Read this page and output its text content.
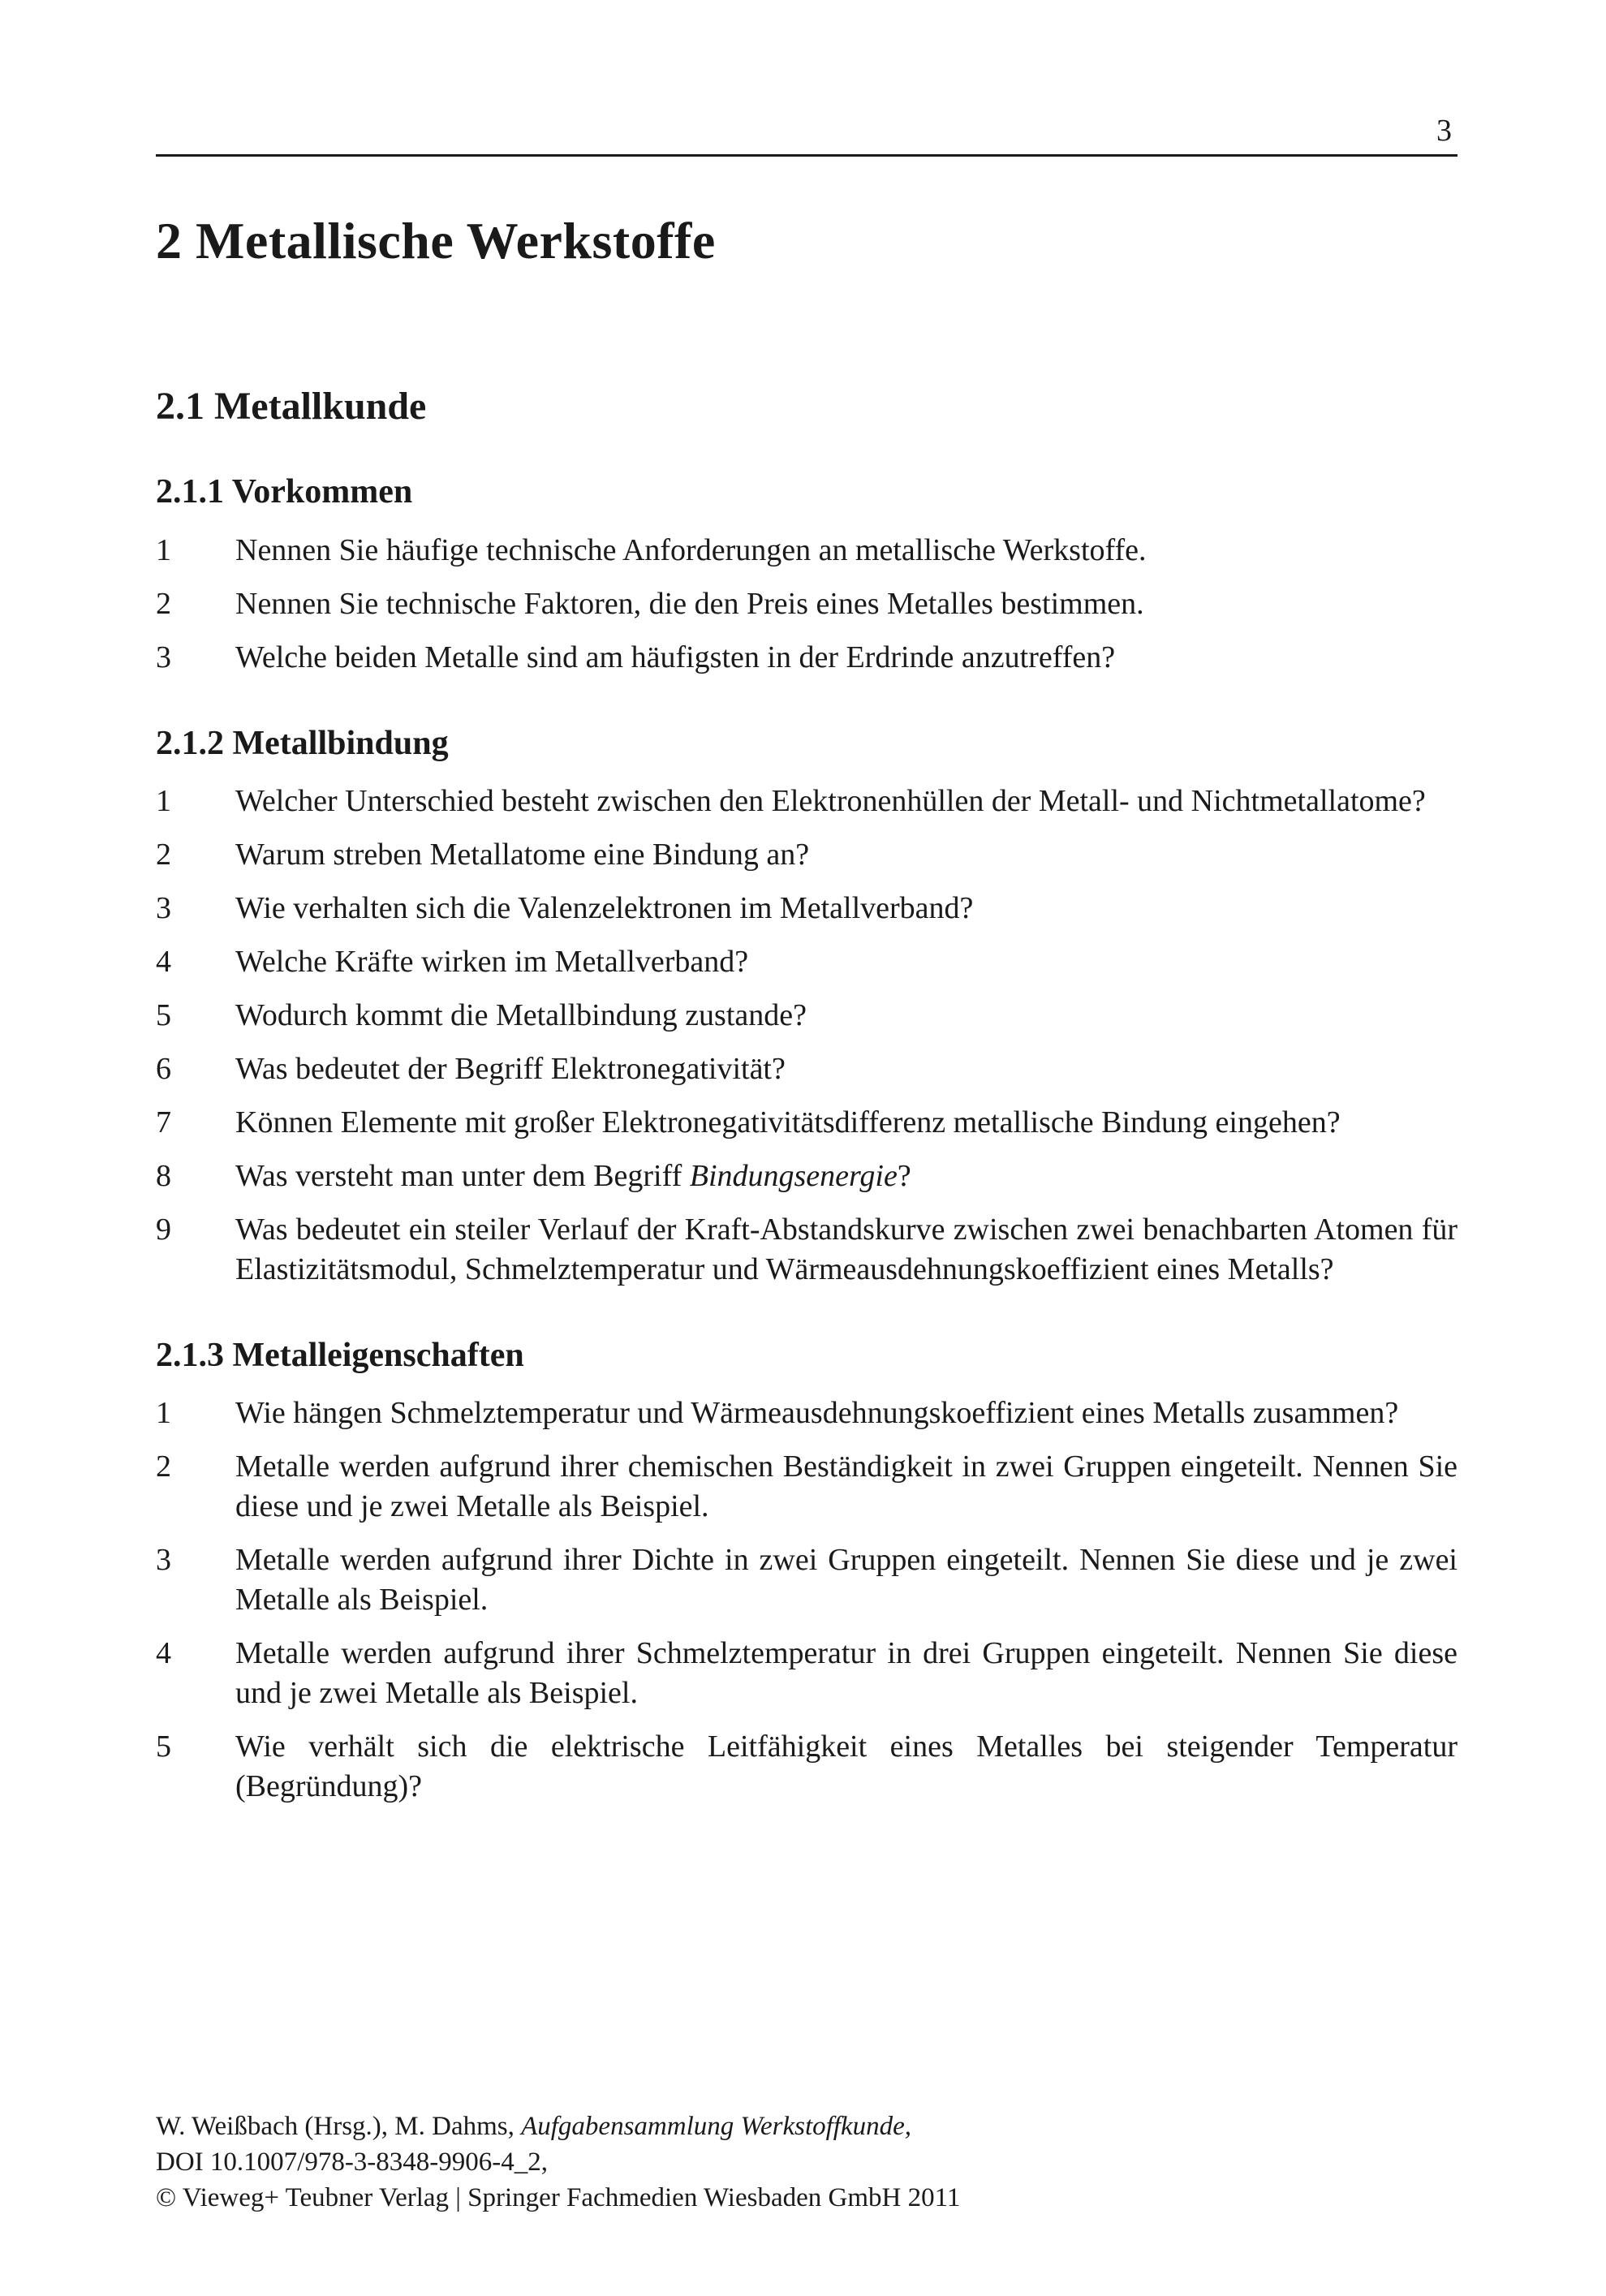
3
2 Metallische Werkstoffe
2.1 Metallkunde
2.1.1 Vorkommen
1	Nennen Sie häufige technische Anforderungen an metallische Werkstoffe.
2	Nennen Sie technische Faktoren, die den Preis eines Metalles bestimmen.
3	Welche beiden Metalle sind am häufigsten in der Erdrinde anzutreffen?
2.1.2 Metallbindung
1	Welcher Unterschied besteht zwischen den Elektronenhüllen der Metall- und Nichtmetallatome?
2	Warum streben Metallatome eine Bindung an?
3	Wie verhalten sich die Valenzelektronen im Metallverband?
4	Welche Kräfte wirken im Metallverband?
5	Wodurch kommt die Metallbindung zustande?
6	Was bedeutet der Begriff Elektronegativität?
7	Können Elemente mit großer Elektronegativitätsdifferenz metallische Bindung eingehen?
8	Was versteht man unter dem Begriff Bindungsenergie?
9	Was bedeutet ein steiler Verlauf der Kraft-Abstandskurve zwischen zwei benachbarten Atomen für Elastizitätsmodul, Schmelztemperatur und Wärmeausdehnungskoeffizient eines Metalls?
2.1.3 Metalleigenschaften
1	Wie hängen Schmelztemperatur und Wärmeausdehnungskoeffizient eines Metalls zusammen?
2	Metalle werden aufgrund ihrer chemischen Beständigkeit in zwei Gruppen eingeteilt. Nennen Sie diese und je zwei Metalle als Beispiel.
3	Metalle werden aufgrund ihrer Dichte in zwei Gruppen eingeteilt. Nennen Sie diese und je zwei Metalle als Beispiel.
4	Metalle werden aufgrund ihrer Schmelztemperatur in drei Gruppen eingeteilt. Nennen Sie diese und je zwei Metalle als Beispiel.
5	Wie verhält sich die elektrische Leitfähigkeit eines Metalles bei steigender Temperatur (Begründung)?
W. Weißbach (Hrsg.), M. Dahms, Aufgabensammlung Werkstoffkunde,
DOI 10.1007/978-3-8348-9906-4_2,
© Vieweg+ Teubner Verlag | Springer Fachmedien Wiesbaden GmbH 2011
